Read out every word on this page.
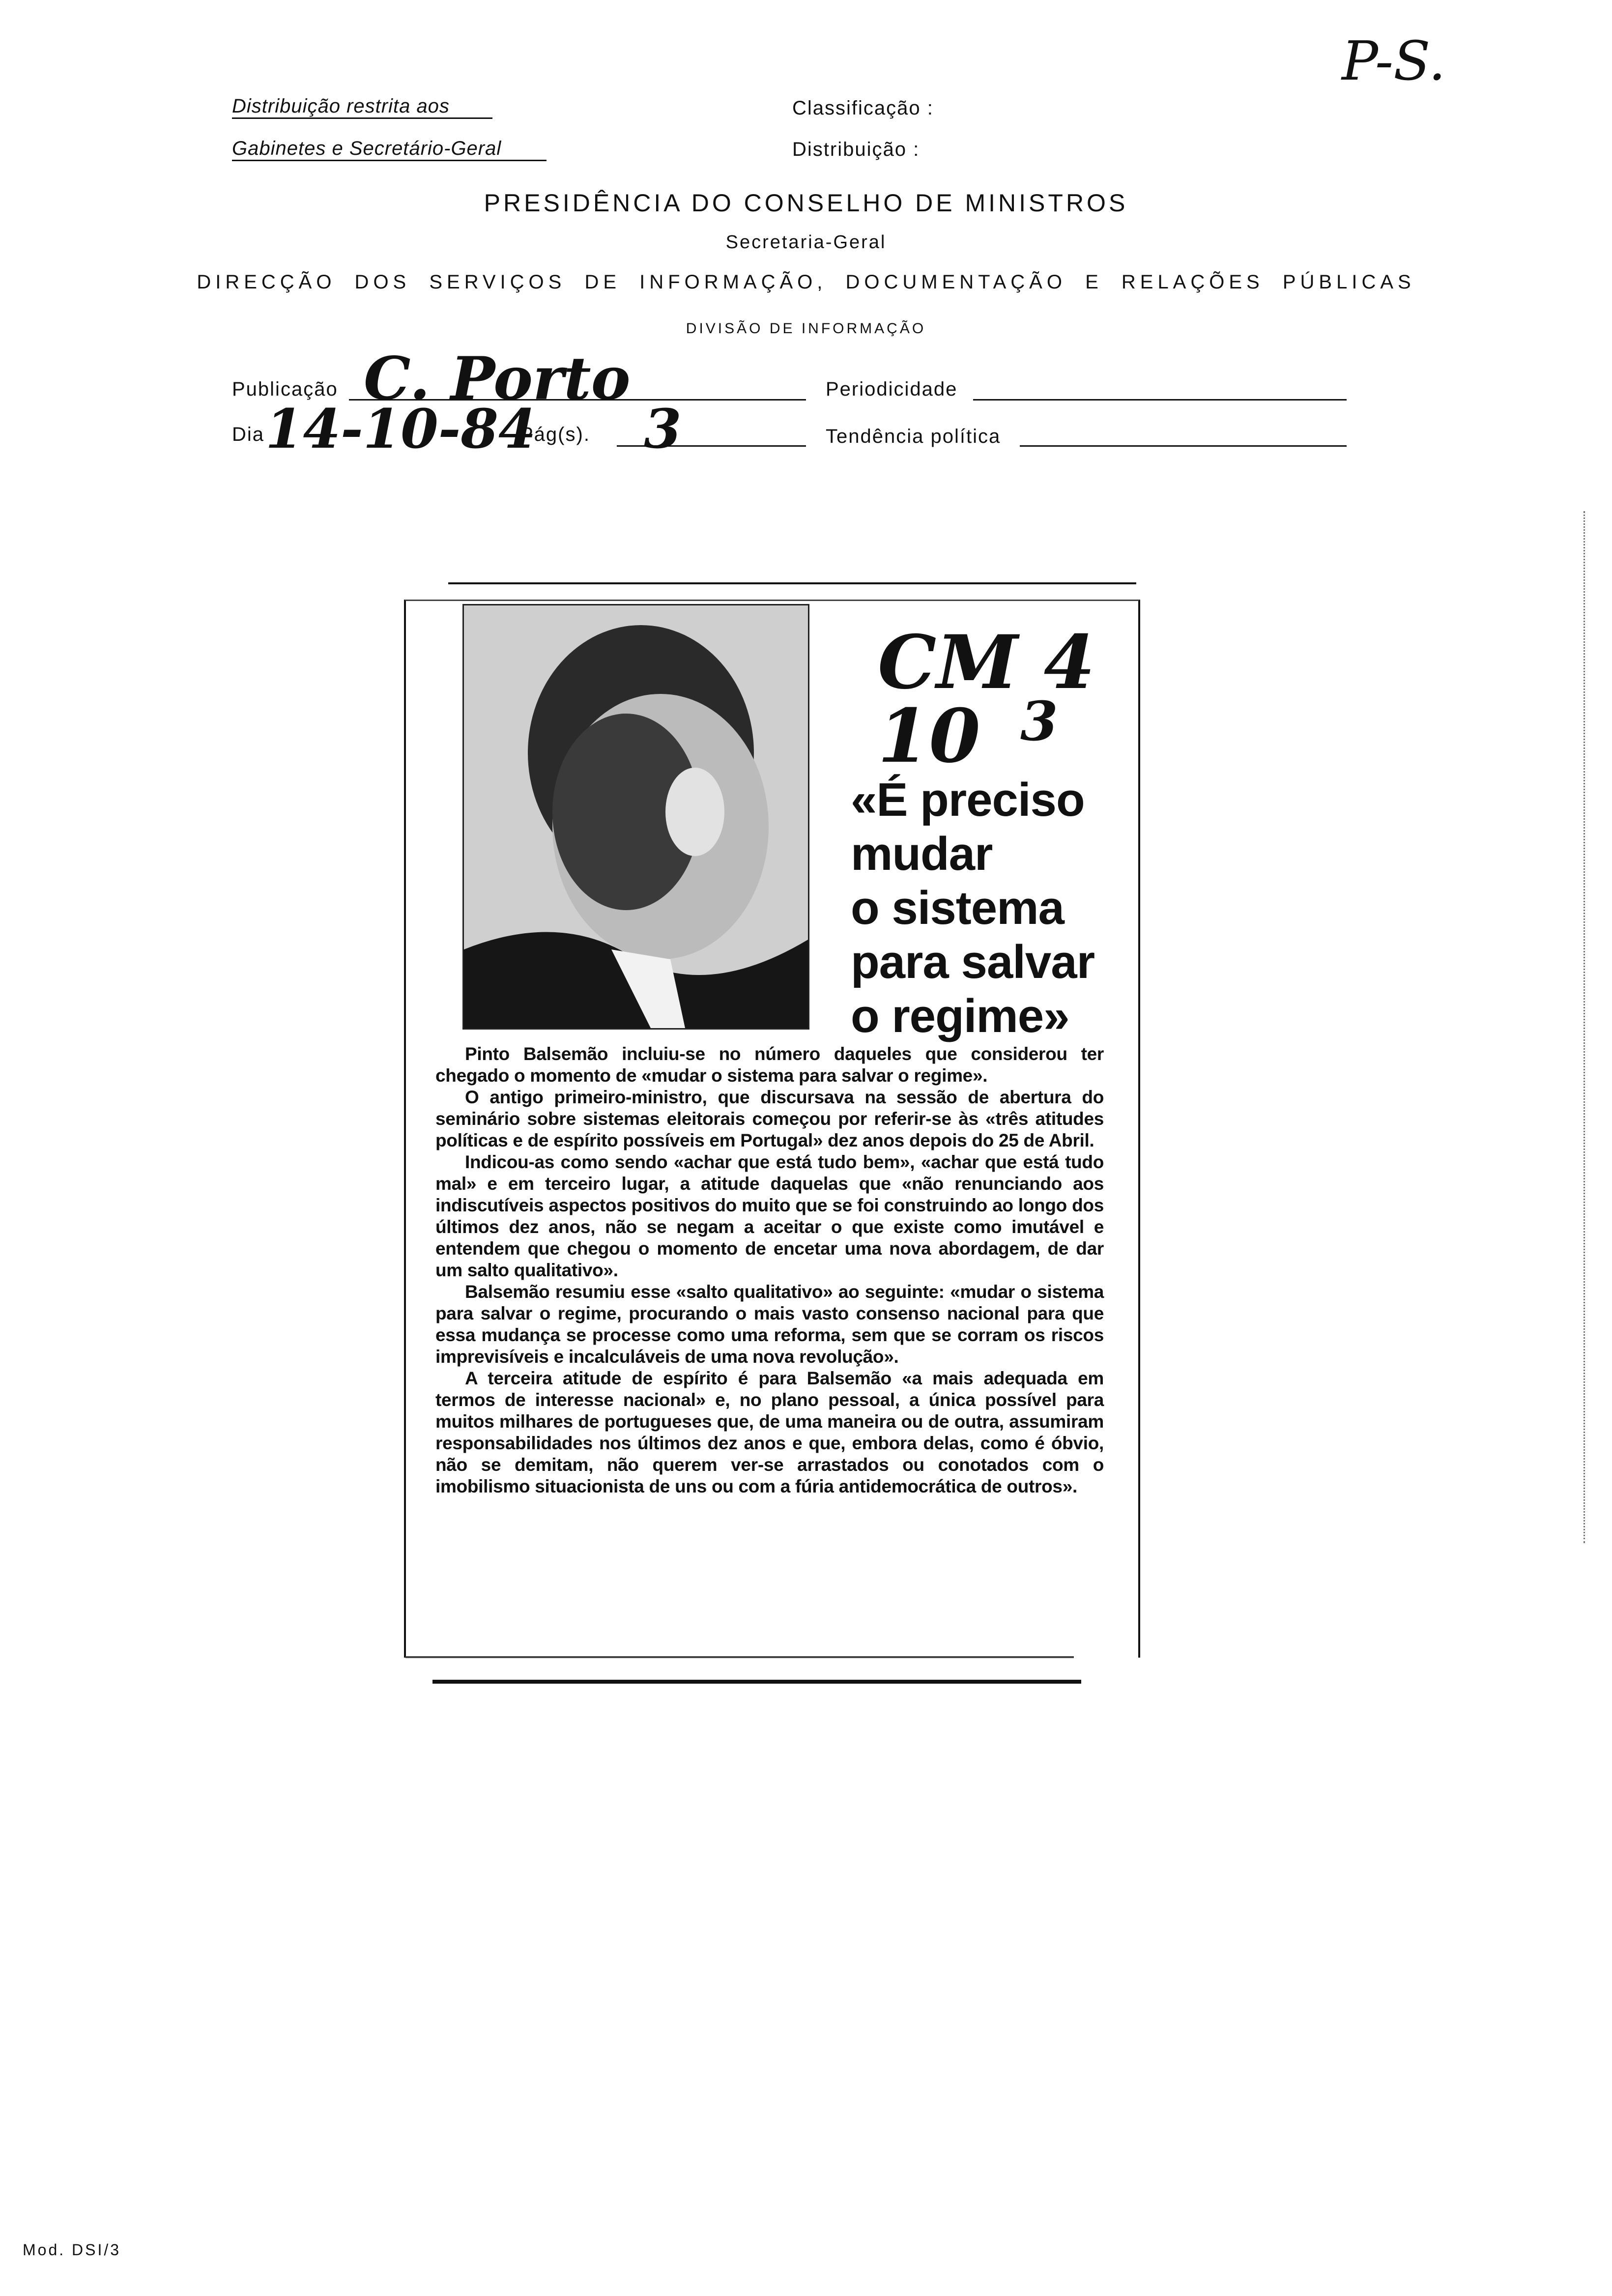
Distribuição restrita aos
Gabinetes e Secretário-Geral
Classificação :
Distribuição :
P-S.
PRESIDÊNCIA DO CONSELHO DE MINISTROS
Secretaria-Geral
DIRECÇÃO DOS SERVIÇOS DE INFORMAÇÃO, DOCUMENTAÇÃO E RELAÇÕES PÚBLICAS
DIVISÃO DE INFORMAÇÃO
Publicação C. Porto	Periodicidade
Dia 14-10-84
Pág(s). 3	Tendência política
CM 4 10 3
«É preciso
mudar
o sistema
para salvar
o regime»

Pinto Balsemão incluiu-se no número daqueles que considerou ter chegado o momento de «mudar o sistema para salvar o regime».

O antigo primeiro-ministro, que discursava na sessão de abertura do seminário sobre sistemas eleitorais começou por referir-se às «três atitudes políticas e de espírito possíveis em Portugal» dez anos depois do 25 de Abril.

Indicou-as como sendo «achar que está tudo bem», «achar que está tudo mal» e em terceiro lugar, a atitude daquelas que «não renunciando aos indiscutíveis aspectos positivos do muito que se foi construindo ao longo dos últimos dez anos, não se negam a aceitar o que existe como imutável e entendem que chegou o momento de encetar uma nova abordagem, de dar um salto qualitativo».

Balsemão resumiu esse «salto qualitativo» ao seguinte: «mudar o sistema para salvar o regime, procurando o mais vasto consenso nacional para que essa mudança se processe como uma reforma, sem que se corram os riscos imprevisíveis e incalculáveis de uma nova revolução».

A terceira atitude de espírito é para Balsemão «a mais adequada em termos de interesse nacional» e, no plano pessoal, a única possível para muitos milhares de portugueses que, de uma maneira ou de outra, assumiram responsabilidades nos últimos dez anos e que, embora delas, como é óbvio, não se demitam, não querem ver-se arrastados ou conotados com o imobilismo situacionista de uns ou com a fúria antidemocrática de outros».

Mod. DSI/3
